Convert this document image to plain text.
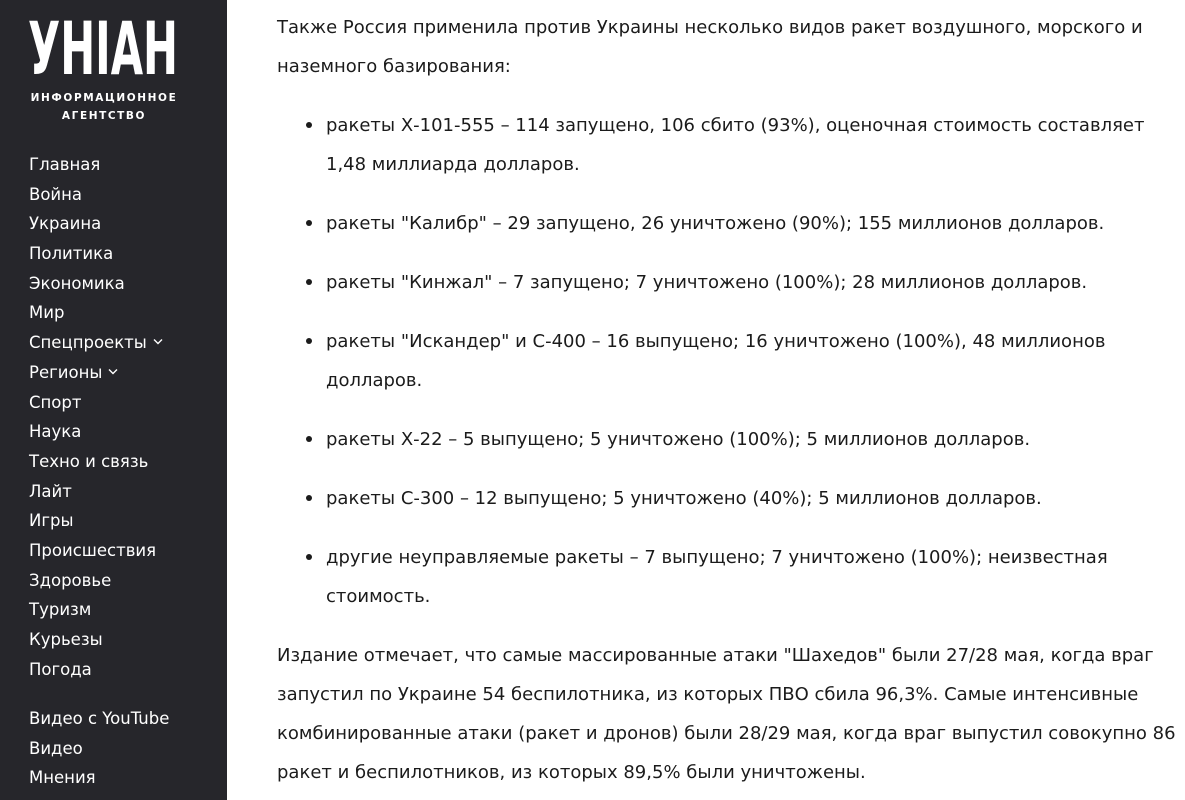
УНІАН
ИНФОРМАЦИОННОЕ
АГЕНТСТВО
Главная
Война
Украина
Политика
Экономика
Мир
Спецпроекты
Регионы
Спорт
Наука
Техно и связь
Лайт
Игры
Происшествия
Здоровье
Туризм
Курьезы
Погода
Видео с YouTube
Видео
Мнения

Также Россия применила против Украины несколько видов ракет воздушного, морского и наземного базирования:

ракеты Х-101-555 – 114 запущено, 106 сбито (93%), оценочная стоимость составляет 1,48 миллиарда долларов.
ракеты "Калибр" – 29 запущено, 26 уничтожено (90%); 155 миллионов долларов.
ракеты "Кинжал" – 7 запущено; 7 уничтожено (100%); 28 миллионов долларов.
ракеты "Искандер" и С-400 – 16 выпущено; 16 уничтожено (100%), 48 миллионов долларов.
ракеты Х-22 – 5 выпущено; 5 уничтожено (100%); 5 миллионов долларов.
ракеты С-300 – 12 выпущено; 5 уничтожено (40%); 5 миллионов долларов.
другие неуправляемые ракеты – 7 выпущено; 7 уничтожено (100%); неизвестная стоимость.

Издание отмечает, что самые массированные атаки "Шахедов" были 27/28 мая, когда враг запустил по Украине 54 беспилотника, из которых ПВО сбила 96,3%. Самые интенсивные комбинированные атаки (ракет и дронов) были 28/29 мая, когда враг выпустил совокупно 86 ракет и беспилотников, из которых 89,5% были уничтожены.
